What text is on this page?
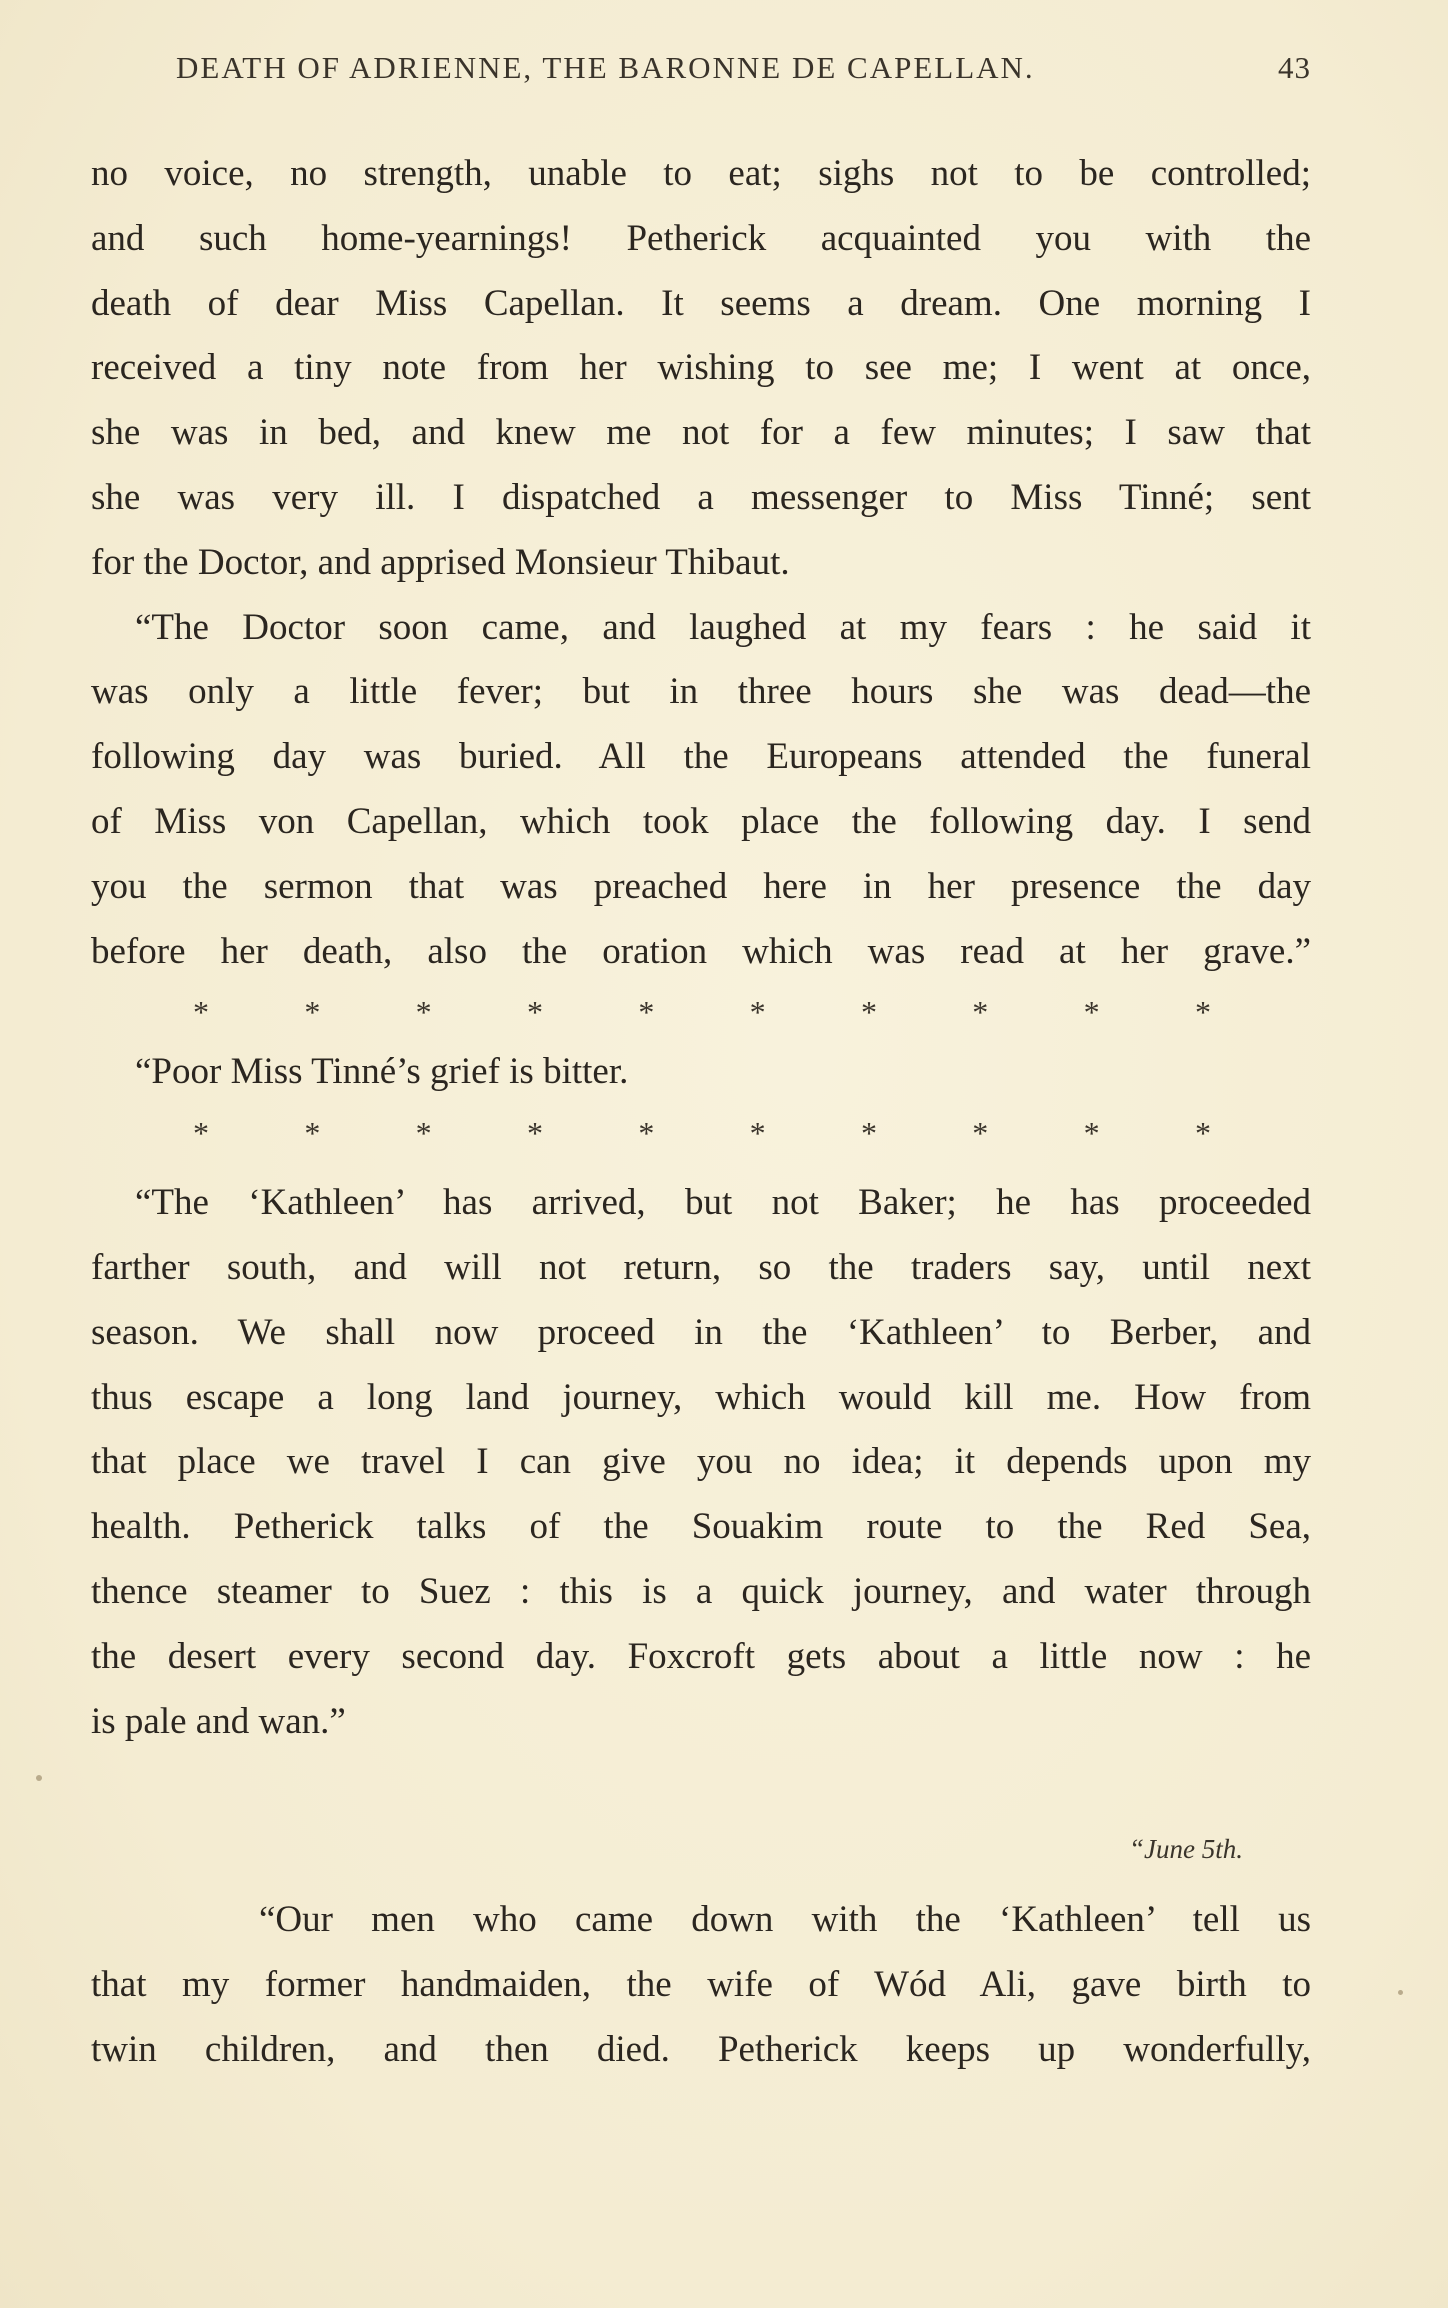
DEATH OF ADRIENNE, THE BARONNE DE CAPELLAN.	43
no voice, no strength, unable to eat; sighs not to be controlled;
and such home-yearnings! Petherick acquainted you with the
death of dear Miss Capellan. It seems a dream. One morning I
received a tiny note from her wishing to see me; I went at once,
she was in bed, and knew me not for a few minutes; I saw that
she was very ill. I dispatched a messenger to Miss Tinné; sent
for the Doctor, and apprised Monsieur Thibaut.
“The Doctor soon came, and laughed at my fears : he said it
was only a little fever; but in three hours she was dead—the
following day was buried. All the Europeans attended the funeral
of Miss von Capellan, which took place the following day. I send
you the sermon that was preached here in her presence the day
before her death, also the oration which was read at her grave.”
*	*	*	*	*	*	*	*	*	*
“Poor Miss Tinné’s grief is bitter.
*	*	*	*	*	*	*	*	*	*
“The ‘Kathleen’ has arrived, but not Baker; he has proceeded
farther south, and will not return, so the traders say, until next
season. We shall now proceed in the ‘Kathleen’ to Berber, and
thus escape a long land journey, which would kill me. How from
that place we travel I can give you no idea; it depends upon my
health. Petherick talks of the Souakim route to the Red Sea,
thence steamer to Suez : this is a quick journey, and water through
the desert every second day. Foxcroft gets about a little now : he
is pale and wan.”
“June 5th.
“Our men who came down with the ‘Kathleen’ tell us
that my former handmaiden, the wife of Wód Ali, gave birth to
twin children, and then died. Petherick keeps up wonderfully,
